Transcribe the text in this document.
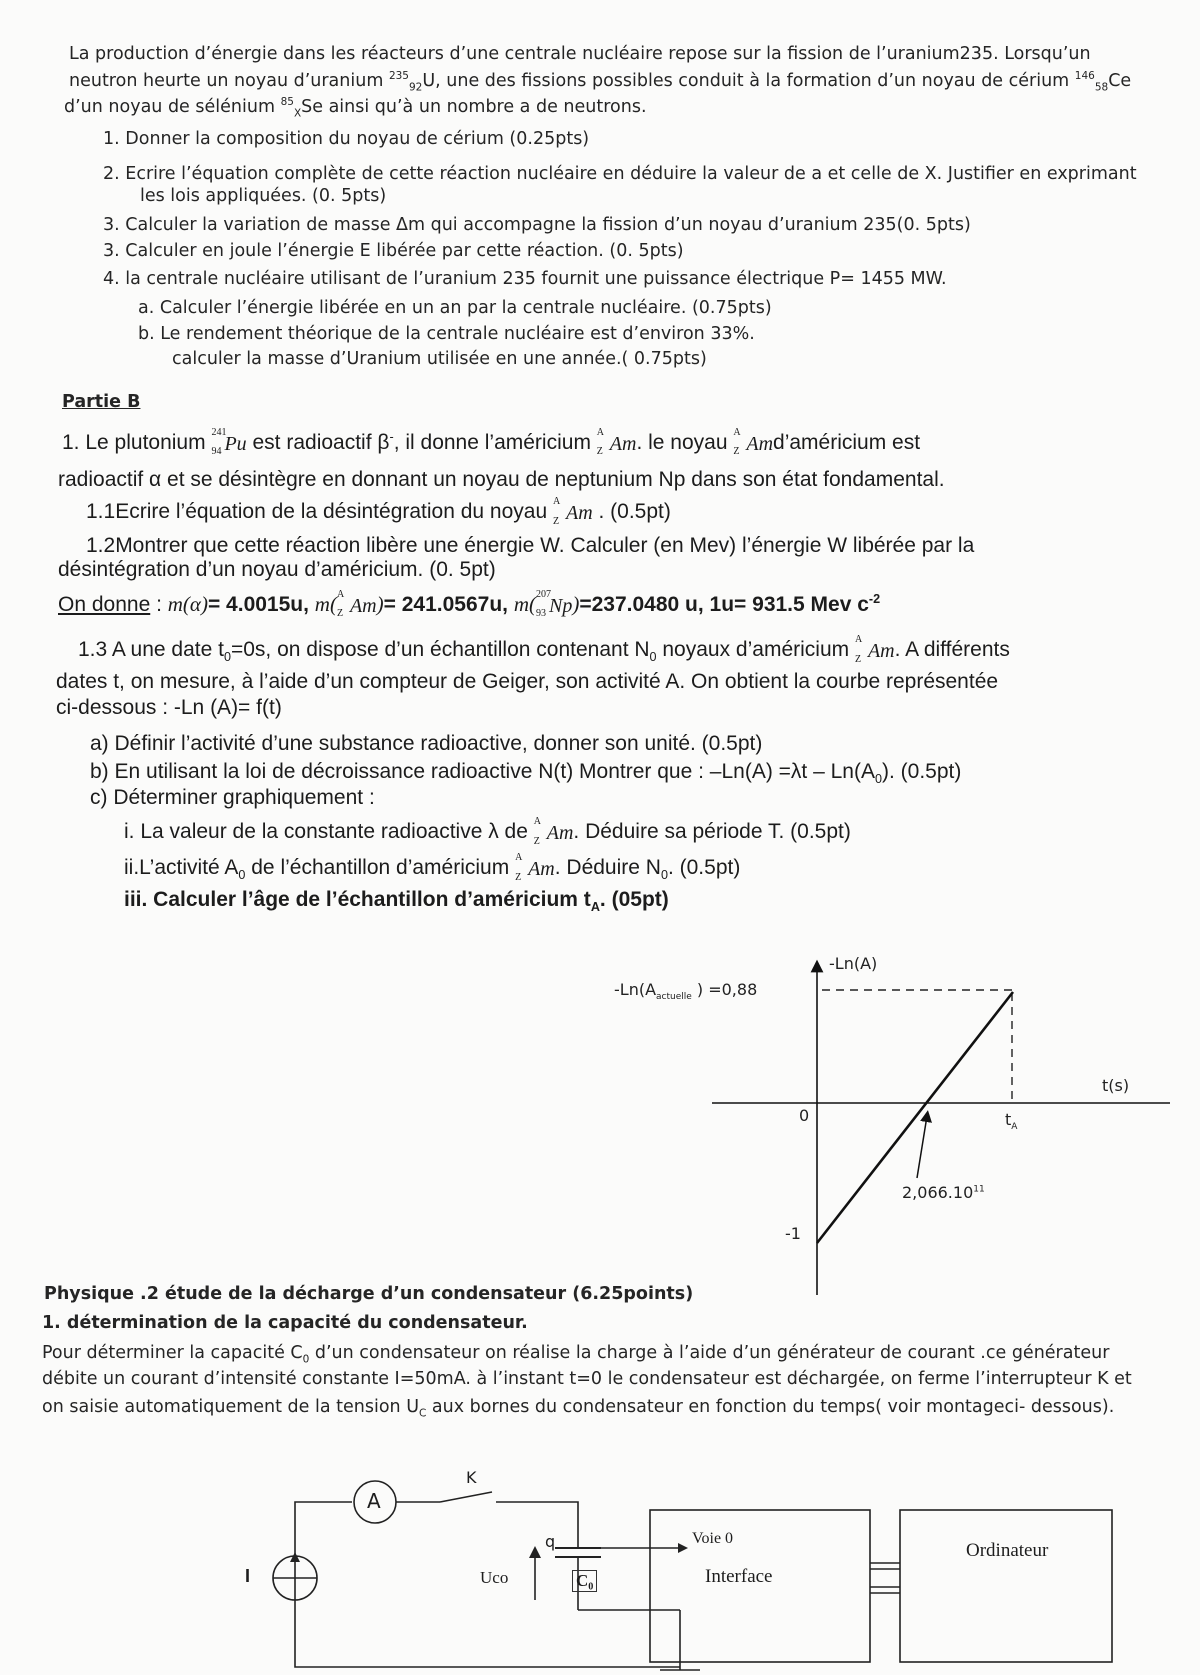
La production d’énergie dans les réacteurs d’une centrale nucléaire repose sur la fission de l’uranium235. Lorsqu’un
neutron heurte un noyau d’uranium $^{235}_{92}$U, une des fissions possibles conduit à la formation d’un noyau de cérium $^{146}_{58}$Ce
d’un noyau de sélénium $^{85}_X$Se ainsi qu’à un nombre a de neutrons.
1. Donner la composition du noyau de cérium (0.25pts)
2. Ecrire l’équation complète de cette réaction nucléaire en déduire la valeur de a et celle de X. Justifier en exprimant
les lois appliquées. (0. 5pts)
3. Calculer la variation de masse Δm qui accompagne la fission d’un noyau d’uranium 235(0. 5pts)
3. Calculer en joule l’énergie E libérée par cette réaction. (0. 5pts)
4. la centrale nucléaire utilisant de l’uranium 235 fournit une puissance électrique P= 1455 MW.
a. Calculer l’énergie libérée en un an par la centrale nucléaire. (0.75pts)
b. Le rendement théorique de la centrale nucléaire est d’environ 33%.
calculer la masse d’Uranium utilisée en une année.( 0.75pts)
Partie B
1. Le plutonium 241
94 Pu est radioactif β-, il donne l’américium A
Z Am. le noyau A
Z Amd’américium est
radioactif α et se désintègre en donnant un noyau de neptunium Np dans son état fondamental.
1.1Ecrire l’équation de la désintégration du noyau A
Z Am . (0.5pt)
1.2Montrer que cette réaction libère une énergie W. Calculer (en Mev) l’énergie W libérée par la
désintégration d’un noyau d’américium. (0. 5pt)
On donne : m(α)= 4.0015u, m( A
Z Am)= 241.0567u, m( 207
93 Np)=237.0480 u, 1u= 931.5 Mev $c^{-2}$
1.3 A une date $t_0=0s$, on dispose d’un échantillon contenant $N_0$ noyaux d’américium A
Z Am. A différents
dates t, on mesure, à l’aide d’un compteur de Geiger, son activité A. On obtient la courbe représentée
ci-dessous : -Ln (A)= f(t)
a) Définir l’activité d’une substance radioactive, donner son unité. (0.5pt)
b) En utilisant la loi de décroissance radioactive N(t) Montrer que : $-Ln(A) =\lambda t - Ln(A_0)$. (0.5pt)
c) Déterminer graphiquement :
i. La valeur de la constante radioactive λ de A
Z Am. Déduire sa période T. (0.5pt)
ii.L’activité $A_0$ de l’échantillon d’américium A
Z Am. Déduire $N_0$. (0.5pt)
iii. Calculer l’âge de l’échantillon d’américium $t_A$. (05pt)
-Ln(A)
t(s)
0
$-Ln(A_{actuelle}$ ) =0,88
-1
$t_A$
2,066.10$^{11}$
Physique .2 étude de la décharge d’un condensateur (6.25points)
1. détermination de la capacité du condensateur.
Pour déterminer la capacité $C_0$ d’un condensateur on réalise la charge à l’aide d’un générateur de courant .ce générateur
débite un courant d’intensité constante I=50mA. à l’instant t=0 le condensateur est déchargée, on ferme l’interrupteur K et
on saisie automatiquement de la tension $U_C$ aux bornes du condensateur en fonction du temps( voir montageci- dessous).
K
A
I
q
Uco	C₀
Voie 0
Interface
Ordinateur
